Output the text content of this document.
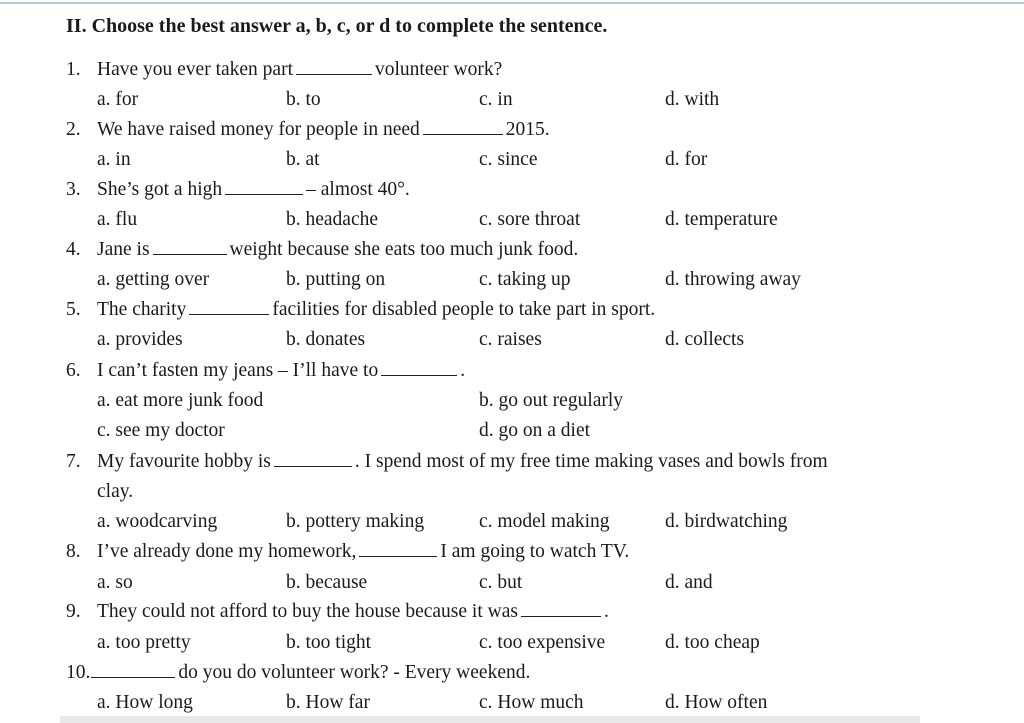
II. Choose the best answer a, b, c, or d to complete the sentence.
1. Have you ever taken part	volunteer work?
a. for	b. to	c. in	d. with
2. We have raised money for people in need	2015.
a. in	b. at	c. since	d. for
3. She’s got a high	– almost 40°.
a. flu	b. headache	c. sore throat	d. temperature
4. Jane is	weight because she eats too much junk food.
a. getting over	b. putting on	c. taking up	d. throwing away
5. The charity	facilities for disabled people to take part in sport.
a. provides	b. donates	c. raises	d. collects
6. I can’t fasten my jeans – I’ll have to	.
a. eat more junk food	b. go out regularly
c. see my doctor	d. go on a diet
7. My favourite hobby is	. I spend most of my free time making vases and bowls from
clay.
a. woodcarving	b. pottery making	c. model making	d. birdwatching
8. I’ve already done my homework,	I am going to watch TV.
a. so	b. because	c. but	d. and
9. They could not afford to buy the house because it was	.
a. too pretty	b. too tight	c. too expensive	d. too cheap
10.	do you do volunteer work? - Every weekend.
a. How long	b. How far	c. How much	d. How often
